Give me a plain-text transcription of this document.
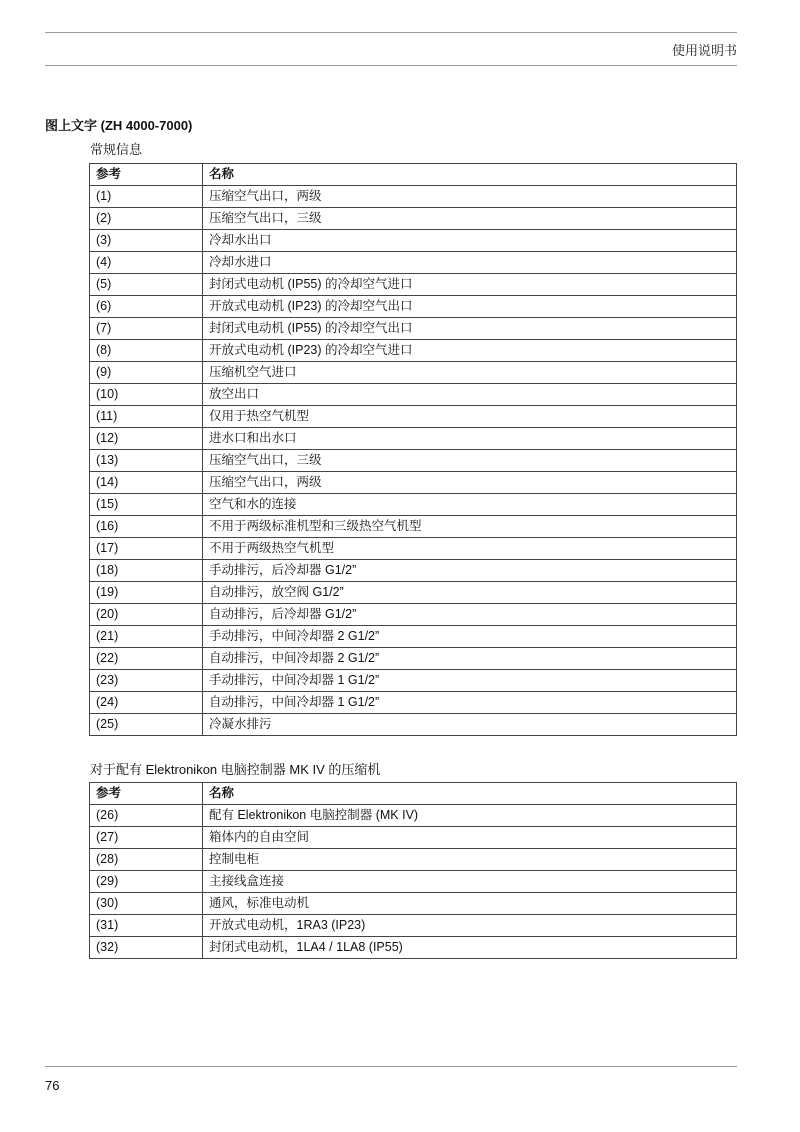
使用说明书
图上文字 (ZH 4000-7000)
常规信息
参考	名称
(1)	压缩空气出口，两级
(2)	压缩空气出口，三级
(3)	冷却水出口
(4)	冷却水进口
(5)	封闭式电动机 (IP55) 的冷却空气进口
(6)	开放式电动机 (IP23) 的冷却空气出口
(7)	封闭式电动机 (IP55) 的冷却空气出口
(8)	开放式电动机 (IP23) 的冷却空气进口
(9)	压缩机空气进口
(10)	放空出口
(11)	仅用于热空气机型
(12)	进水口和出水口
(13)	压缩空气出口，三级
(14)	压缩空气出口，两级
(15)	空气和水的连接
(16)	不用于两级标准机型和三级热空气机型
(17)	不用于两级热空气机型
(18)	手动排污，后冷却器 G1/2”
(19)	自动排污，放空阀 G1/2”
(20)	自动排污，后冷却器 G1/2”
(21)	手动排污，中间冷却器 2 G1/2”
(22)	自动排污，中间冷却器 2 G1/2”
(23)	手动排污，中间冷却器 1 G1/2”
(24)	自动排污，中间冷却器 1 G1/2”
(25)	冷凝水排污
对于配有 Elektronikon 电脑控制器 MK IV 的压缩机
参考	名称
(26)	配有 Elektronikon 电脑控制器 (MK IV)
(27)	箱体内的自由空间
(28)	控制电柜
(29)	主接线盒连接
(30)	通风，标准电动机
(31)	开放式电动机，1RA3 (IP23)
(32)	封闭式电动机，1LA4 / 1LA8 (IP55)
76
